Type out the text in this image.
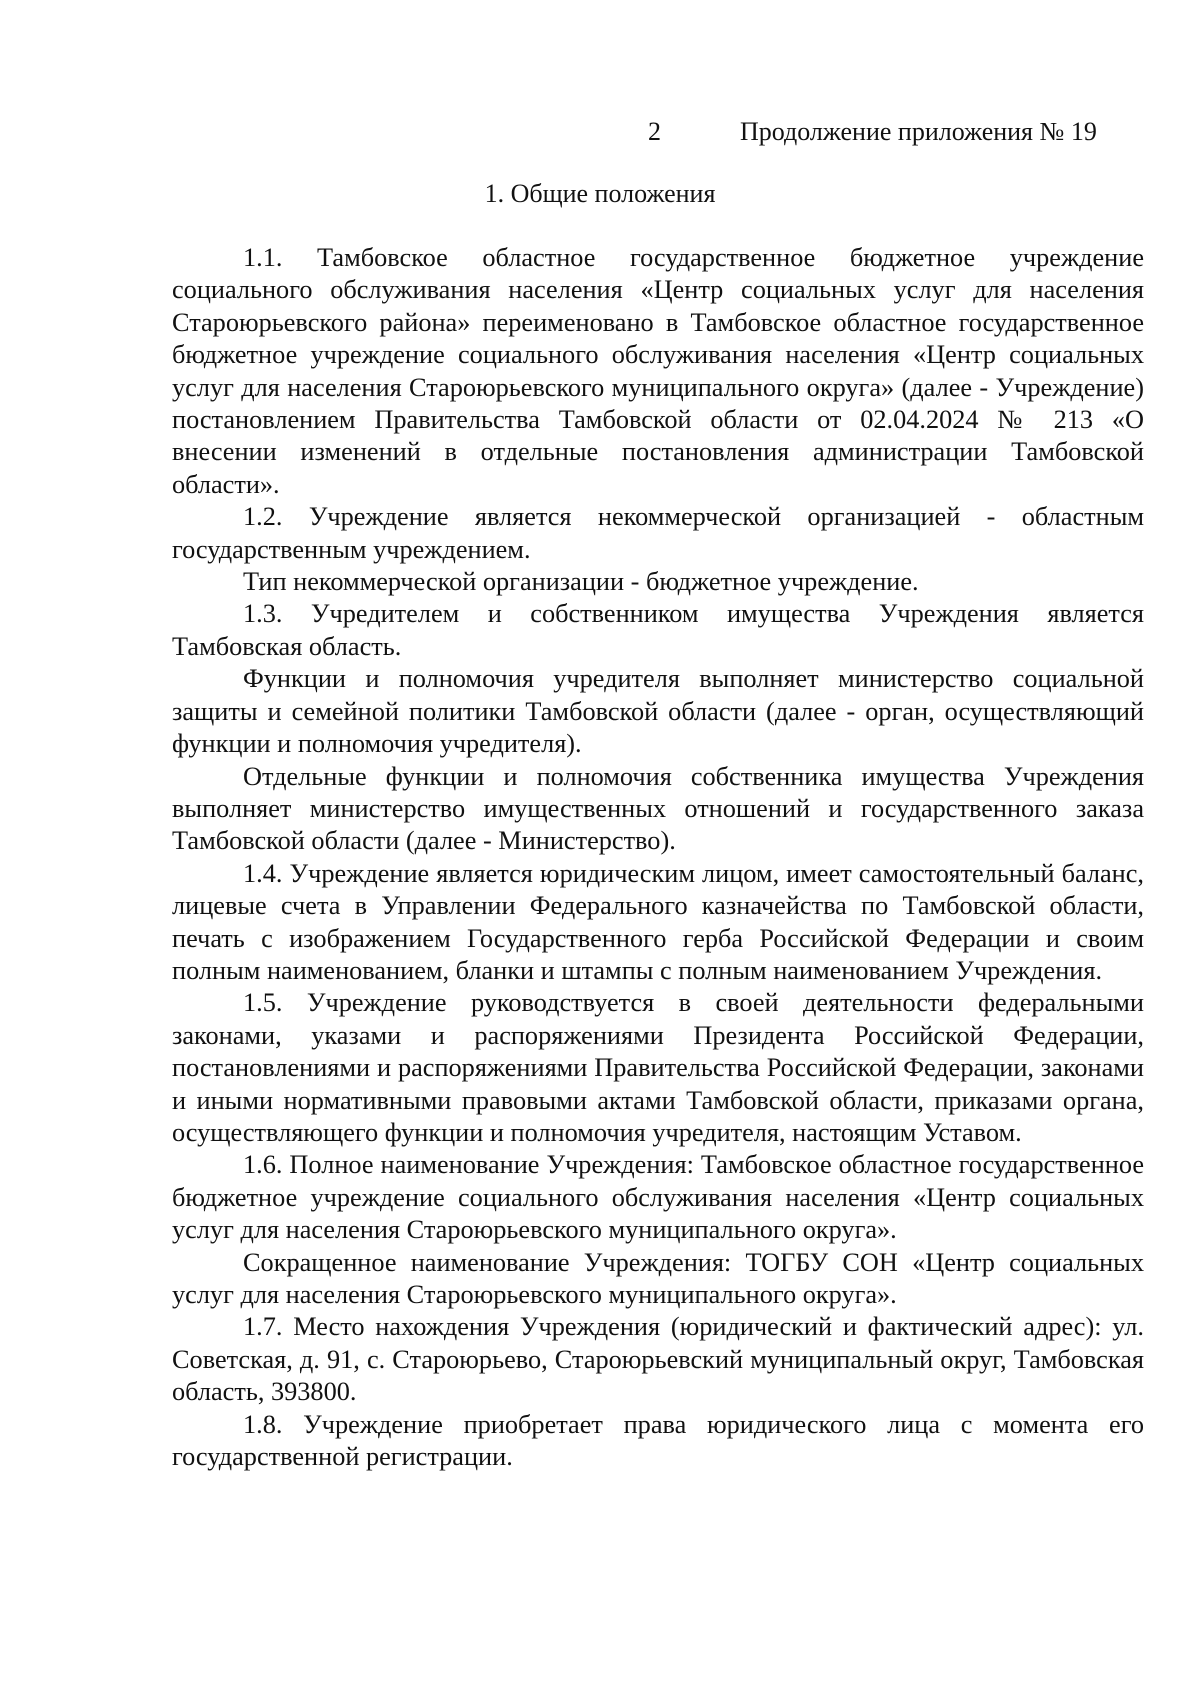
2	Продолжение приложения № 19
1. Общие положения

1.1. Тамбовское областное государственное бюджетное учреждение социального обслуживания населения «Центр социальных услуг для населения Староюрьевского района» переименовано в Тамбовское областное государственное бюджетное учреждение социального обслуживания населения «Центр социальных услуг для населения Староюрьевского муниципального округа» (далее - Учреждение) постановлением Правительства Тамбовской области от 02.04.2024 № 213 «О внесении изменений в отдельные постановления администрации Тамбовской области».

1.2. Учреждение является некоммерческой организацией - областным государственным учреждением.

Тип некоммерческой организации - бюджетное учреждение.

1.3. Учредителем и собственником имущества Учреждения является Тамбовская область.

Функции и полномочия учредителя выполняет министерство социальной защиты и семейной политики Тамбовской области (далее - орган, осуществляющий функции и полномочия учредителя).

Отдельные функции и полномочия собственника имущества Учреждения выполняет министерство имущественных отношений и государственного заказа Тамбовской области (далее - Министерство).

1.4. Учреждение является юридическим лицом, имеет самостоятельный баланс, лицевые счета в Управлении Федерального казначейства по Тамбовской области, печать с изображением Государственного герба Российской Федерации и своим полным наименованием, бланки и штампы с полным наименованием Учреждения.

1.5. Учреждение руководствуется в своей деятельности федеральными законами, указами и распоряжениями Президента Российской Федерации, постановлениями и распоряжениями Правительства Российской Федерации, законами и иными нормативными правовыми актами Тамбовской области, приказами органа, осуществляющего функции и полномочия учредителя, настоящим Уставом.

1.6. Полное наименование Учреждения: Тамбовское областное государственное бюджетное учреждение социального обслуживания населения «Центр социальных услуг для населения Староюрьевского муниципального округа».

Сокращенное наименование Учреждения: ТОГБУ СОН «Центр социальных услуг для населения Староюрьевского муниципального округа».

1.7. Место нахождения Учреждения (юридический и фактический адрес): ул. Советская, д. 91, с. Староюрьево, Староюрьевский муниципальный округ, Тамбовская область, 393800.

1.8. Учреждение приобретает права юридического лица с момента его государственной регистрации.
